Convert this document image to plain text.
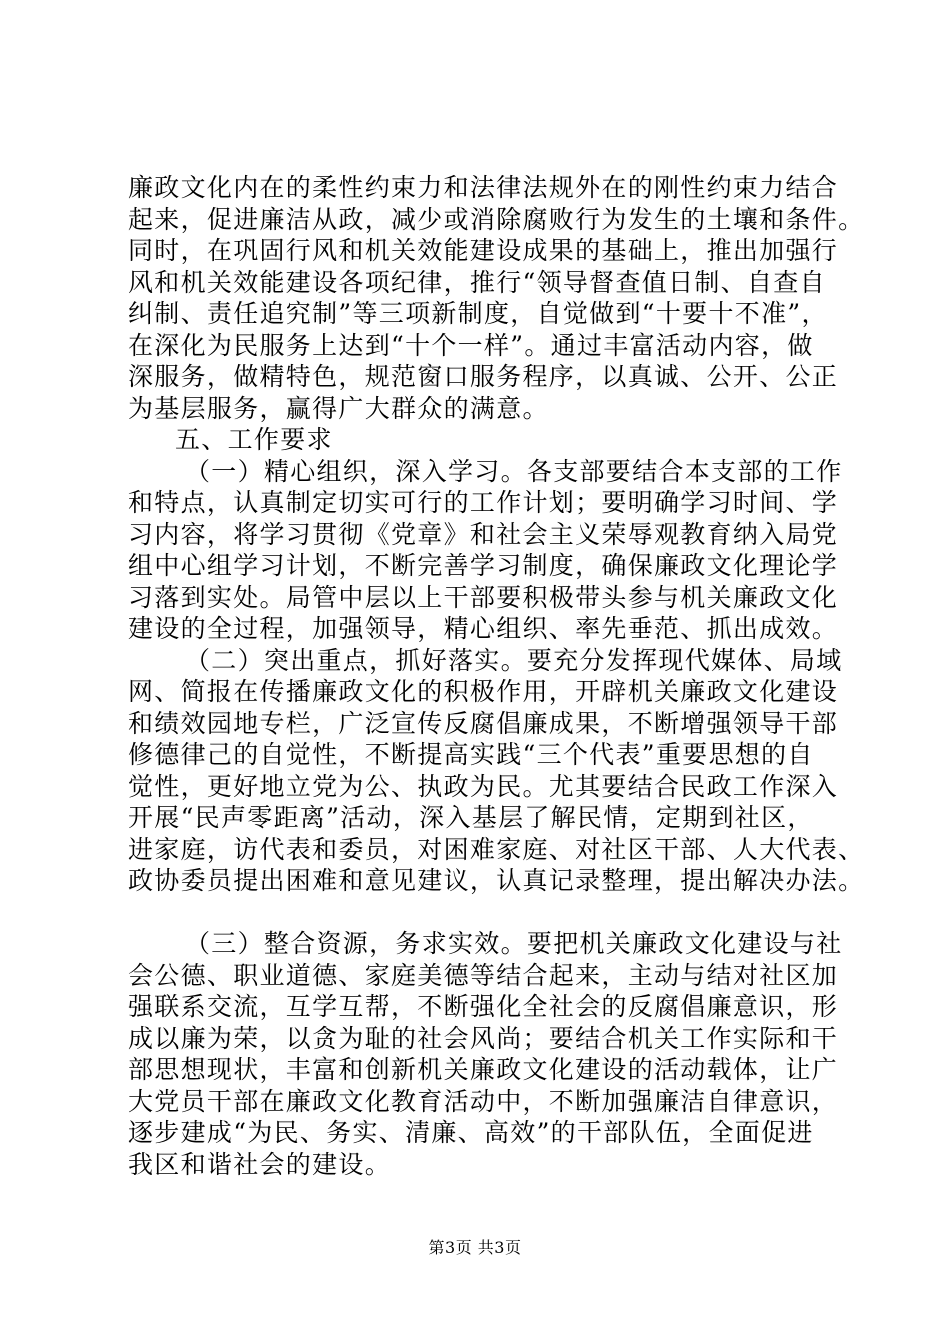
廉政文化内在的柔性约束力和法律法规外在的刚性约束力结合
起来，促进廉洁从政，减少或消除腐败行为发生的土壤和条件。
同时，在巩固行风和机关效能建设成果的基础上，推出加强行
风和机关效能建设各项纪律，推行“领导督查值日制、自查自
纠制、责任追究制”等三项新制度，自觉做到“十要十不准”，
在深化为民服务上达到“十个一样”。通过丰富活动内容，做
深服务，做精特色，规范窗口服务程序，以真诚、公开、公正
为基层服务，赢得广大群众的满意。
五、工作要求
（一）精心组织，深入学习。各支部要结合本支部的工作
和特点，认真制定切实可行的工作计划；要明确学习时间、学
习内容，将学习贯彻《党章》和社会主义荣辱观教育纳入局党
组中心组学习计划，不断完善学习制度，确保廉政文化理论学
习落到实处。局管中层以上干部要积极带头参与机关廉政文化
建设的全过程，加强领导，精心组织、率先垂范、抓出成效。
（二）突出重点，抓好落实。要充分发挥现代媒体、局域
网、简报在传播廉政文化的积极作用，开辟机关廉政文化建设
和绩效园地专栏，广泛宣传反腐倡廉成果，不断增强领导干部
修德律己的自觉性，不断提高实践“三个代表”重要思想的自
觉性，更好地立党为公、执政为民。尤其要结合民政工作深入
开展“民声零距离”活动，深入基层了解民情，定期到社区，
进家庭，访代表和委员，对困难家庭、对社区干部、人大代表、
政协委员提出困难和意见建议，认真记录整理，提出解决办法。
（三）整合资源，务求实效。要把机关廉政文化建设与社
会公德、职业道德、家庭美德等结合起来，主动与结对社区加
强联系交流，互学互帮，不断强化全社会的反腐倡廉意识，形
成以廉为荣，以贪为耻的社会风尚；要结合机关工作实际和干
部思想现状，丰富和创新机关廉政文化建设的活动载体，让广
大党员干部在廉政文化教育活动中，不断加强廉洁自律意识，
逐步建成“为民、务实、清廉、高效”的干部队伍，全面促进
我区和谐社会的建设。
第3页 共3页
